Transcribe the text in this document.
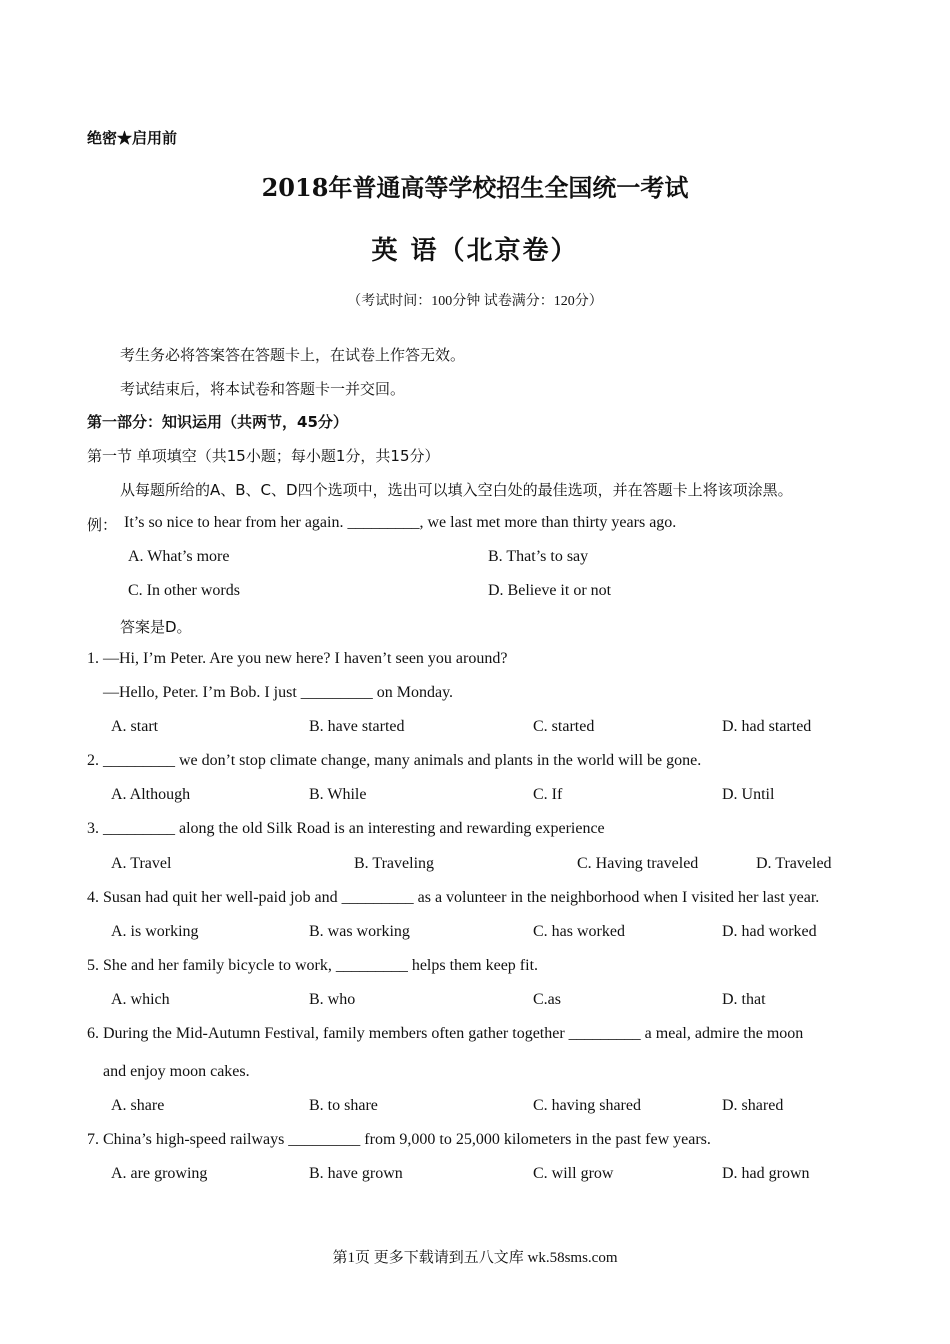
绝密★启用前
2018年普通高等学校招生全国统一考试
英 语（北京卷）
（考试时间：100分钟 试卷满分：120分）
考生务必将答案答在答题卡上，在试卷上作答无效。
考试结束后，将本试卷和答题卡一并交回。
第一部分：知识运用（共两节，45分）
第一节 单项填空（共15小题；每小题1分，共15分）
从每题所给的A、B、C、D四个选项中，选出可以填入空白处的最佳选项，并在答题卡上将该项涂黑。
例： It’s so nice to hear from her again. _________, we last met more than thirty years ago.
A. What’s more	B. That’s to say
C. In other words	D. Believe it or not
答案是D。
1. —Hi, I’m Peter. Are you new here? I haven’t seen you around?
—Hello, Peter. I’m Bob. I just _________ on Monday.
A. start	B. have started	C. started	D. had started
2. _________ we don’t stop climate change, many animals and plants in the world will be gone.
A. Although	B. While	C. If	D. Until
3. _________ along the old Silk Road is an interesting and rewarding experience
A. Travel	B. Traveling	C. Having traveled	D. Traveled
4. Susan had quit her well-paid job and _________ as a volunteer in the neighborhood when I visited her last year.
A. is working	B. was working	C. has worked	D. had worked
5. She and her family bicycle to work, _________ helps them keep fit.
A. which	B. who	C.as	D. that
6. During the Mid-Autumn Festival, family members often gather together _________ a meal, admire the moon
and enjoy moon cakes.
A. share	B. to share	C. having shared	D. shared
7. China’s high-speed railways _________ from 9,000 to 25,000 kilometers in the past few years.
A. are growing	B. have grown	C. will grow	D. had grown
第1页 更多下载请到五八文库 wk.58sms.com
